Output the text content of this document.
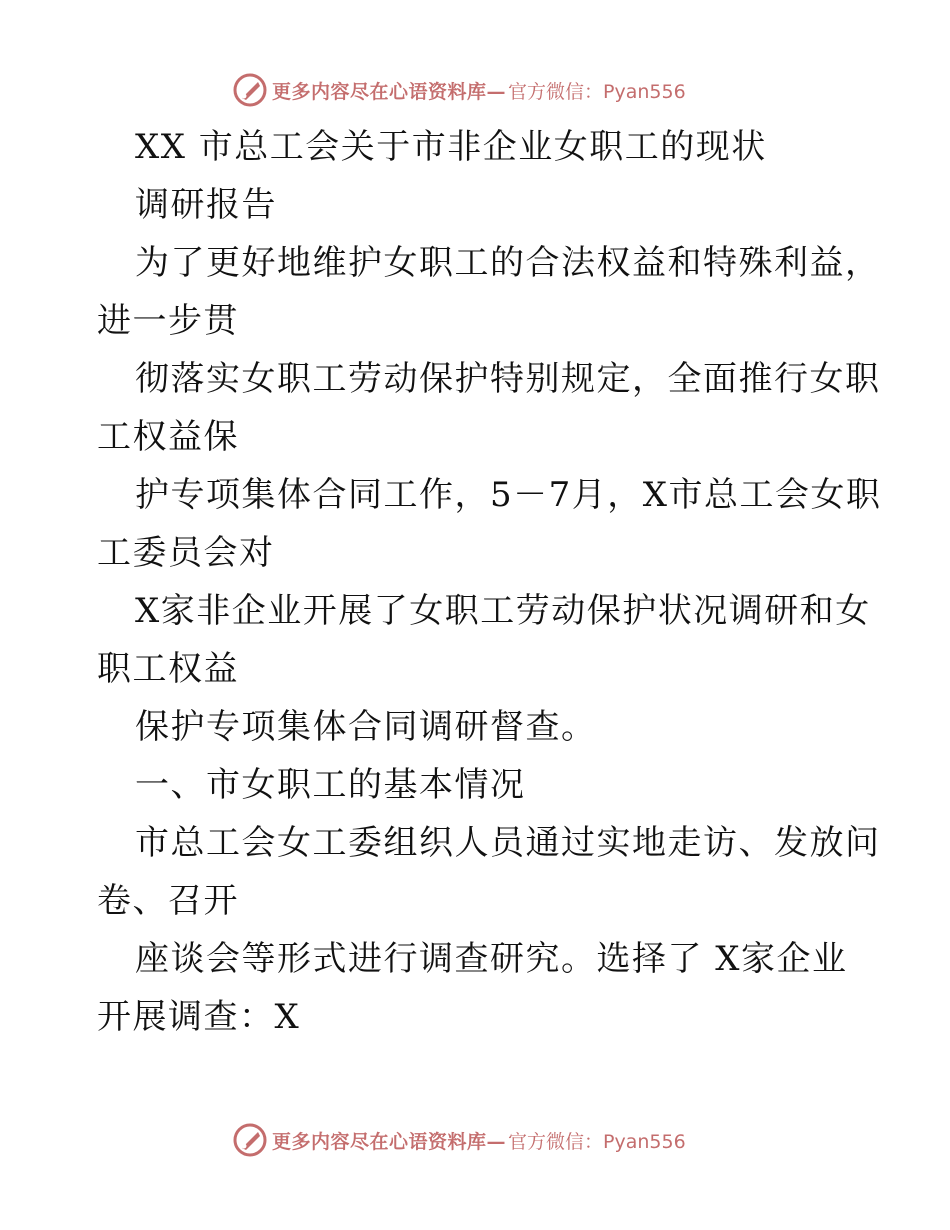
更多内容尽在心语资料库— 官方微信：Pyan556
XX 市总工会关于市非企业女职工的现状
调研报告
为了更好地维护女职工的合法权益和特殊利益，
进一步贯
彻落实女职工劳动保护特别规定，全面推行女职
工权益保
护专项集体合同工作，5－7月，X市总工会女职
工委员会对
X家非企业开展了女职工劳动保护状况调研和女
职工权益
保护专项集体合同调研督查。
一、市女职工的基本情况
市总工会女工委组织人员通过实地走访、发放问
卷、召开
座谈会等形式进行调查研究。选择了 X家企业
开展调查：X
更多内容尽在心语资料库— 官方微信：Pyan556
